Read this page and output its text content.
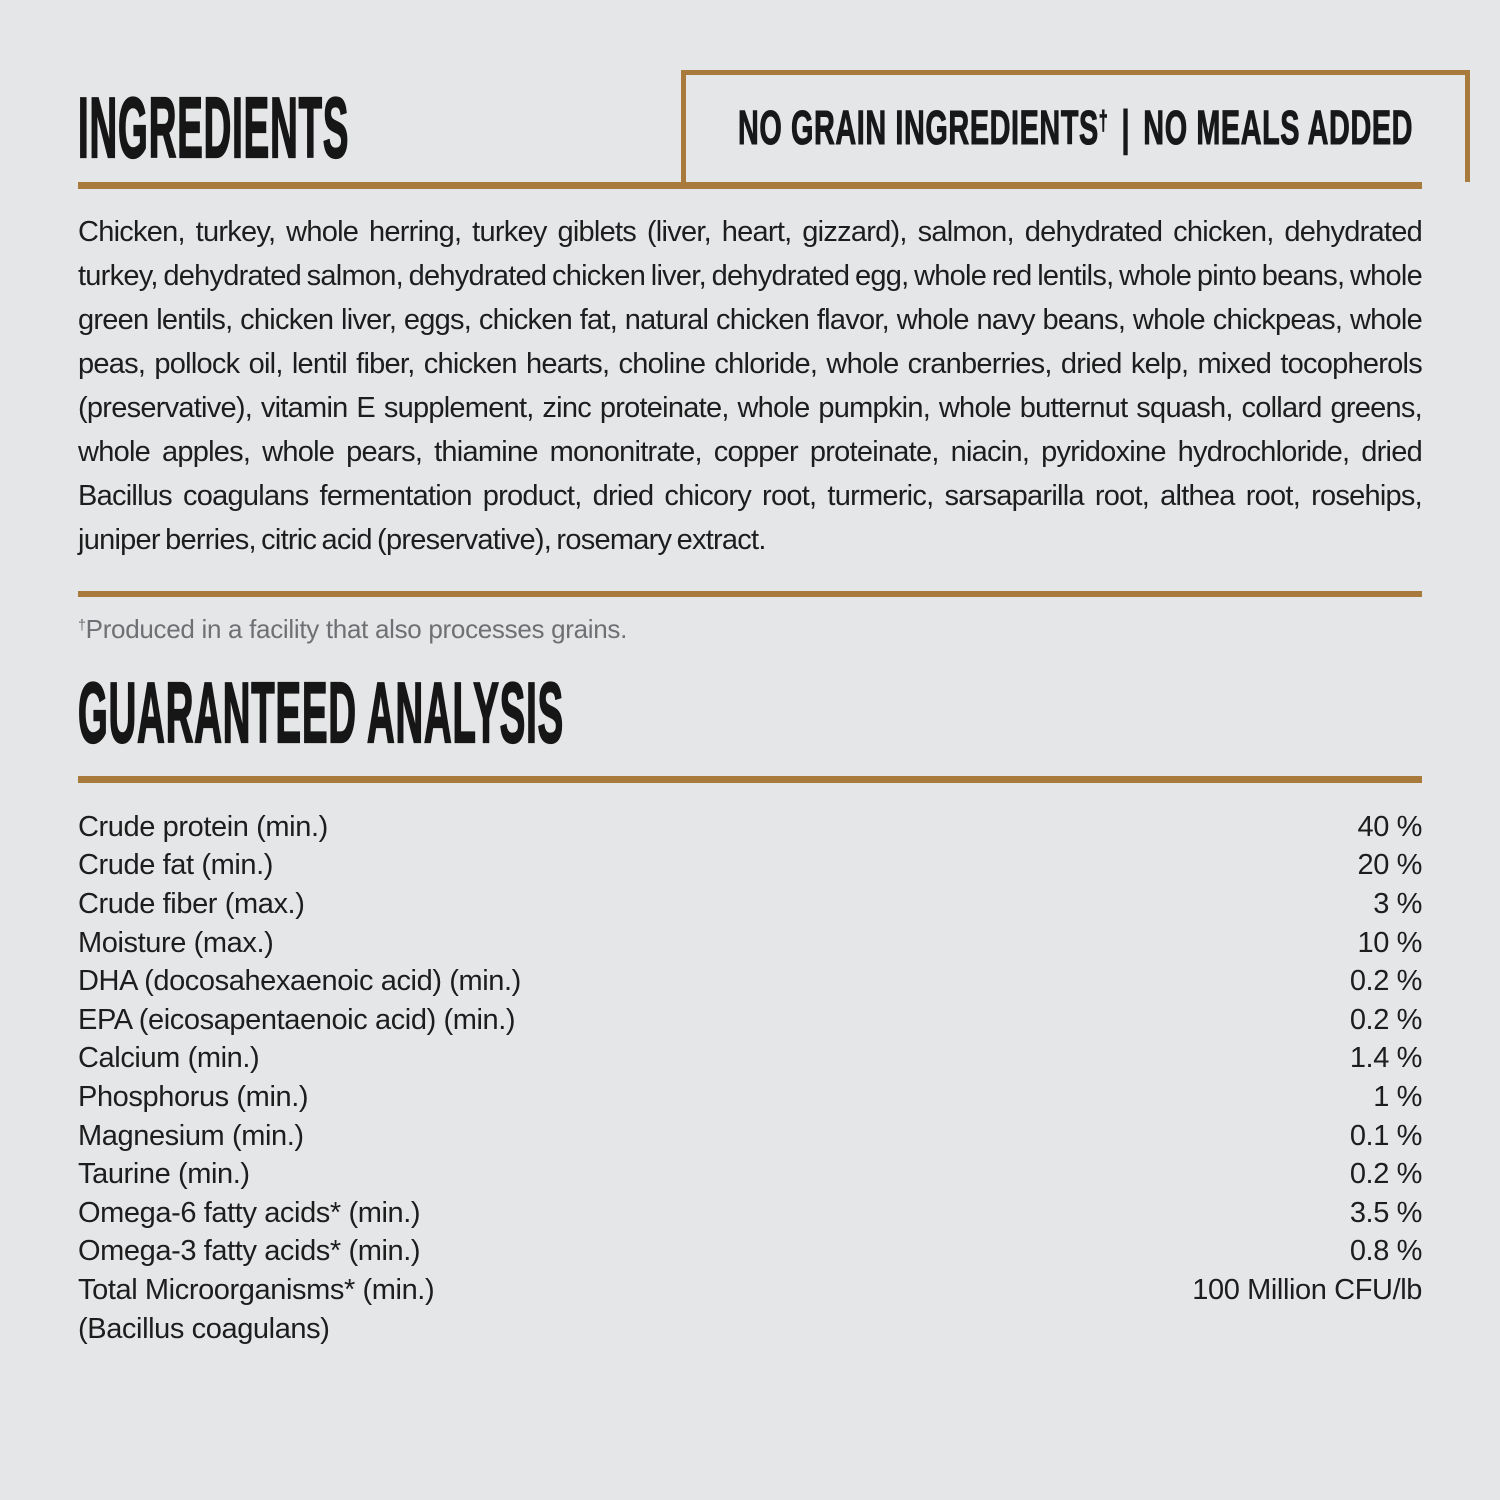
INGREDIENTS	NO GRAIN INGREDIENTS† | NO MEALS ADDED

Chicken, turkey, whole herring, turkey giblets (liver, heart, gizzard), salmon, dehydrated chicken, dehydrated turkey, dehydrated salmon, dehydrated chicken liver, dehydrated egg, whole red lentils, whole pinto beans, whole green lentils, chicken liver, eggs, chicken fat, natural chicken flavor, whole navy beans, whole chickpeas, whole peas, pollock oil, lentil fiber, chicken hearts, choline chloride, whole cranberries, dried kelp, mixed tocopherols (preservative), vitamin E supplement, zinc proteinate, whole pumpkin, whole butternut squash, collard greens, whole apples, whole pears, thiamine mononitrate, copper proteinate, niacin, pyridoxine hydrochloride, dried Bacillus coagulans fermentation product, dried chicory root, turmeric, sarsaparilla root, althea root, rosehips, juniper berries, citric acid (preservative), rosemary extract.

†Produced in a facility that also processes grains.

GUARANTEED ANALYSIS
Crude protein (min.)	40 %
Crude fat (min.)	20 %
Crude fiber (max.)	3 %
Moisture (max.)	10 %
DHA (docosahexaenoic acid) (min.)	0.2 %
EPA (eicosapentaenoic acid) (min.)	0.2 %
Calcium (min.)	1.4 %
Phosphorus (min.)	1 %
Magnesium (min.)	0.1 %
Taurine (min.)	0.2 %
Omega-6 fatty acids* (min.)	3.5 %
Omega-3 fatty acids* (min.)	0.8 %
Total Microorganisms* (min.)	100 Million CFU/lb
(Bacillus coagulans)
